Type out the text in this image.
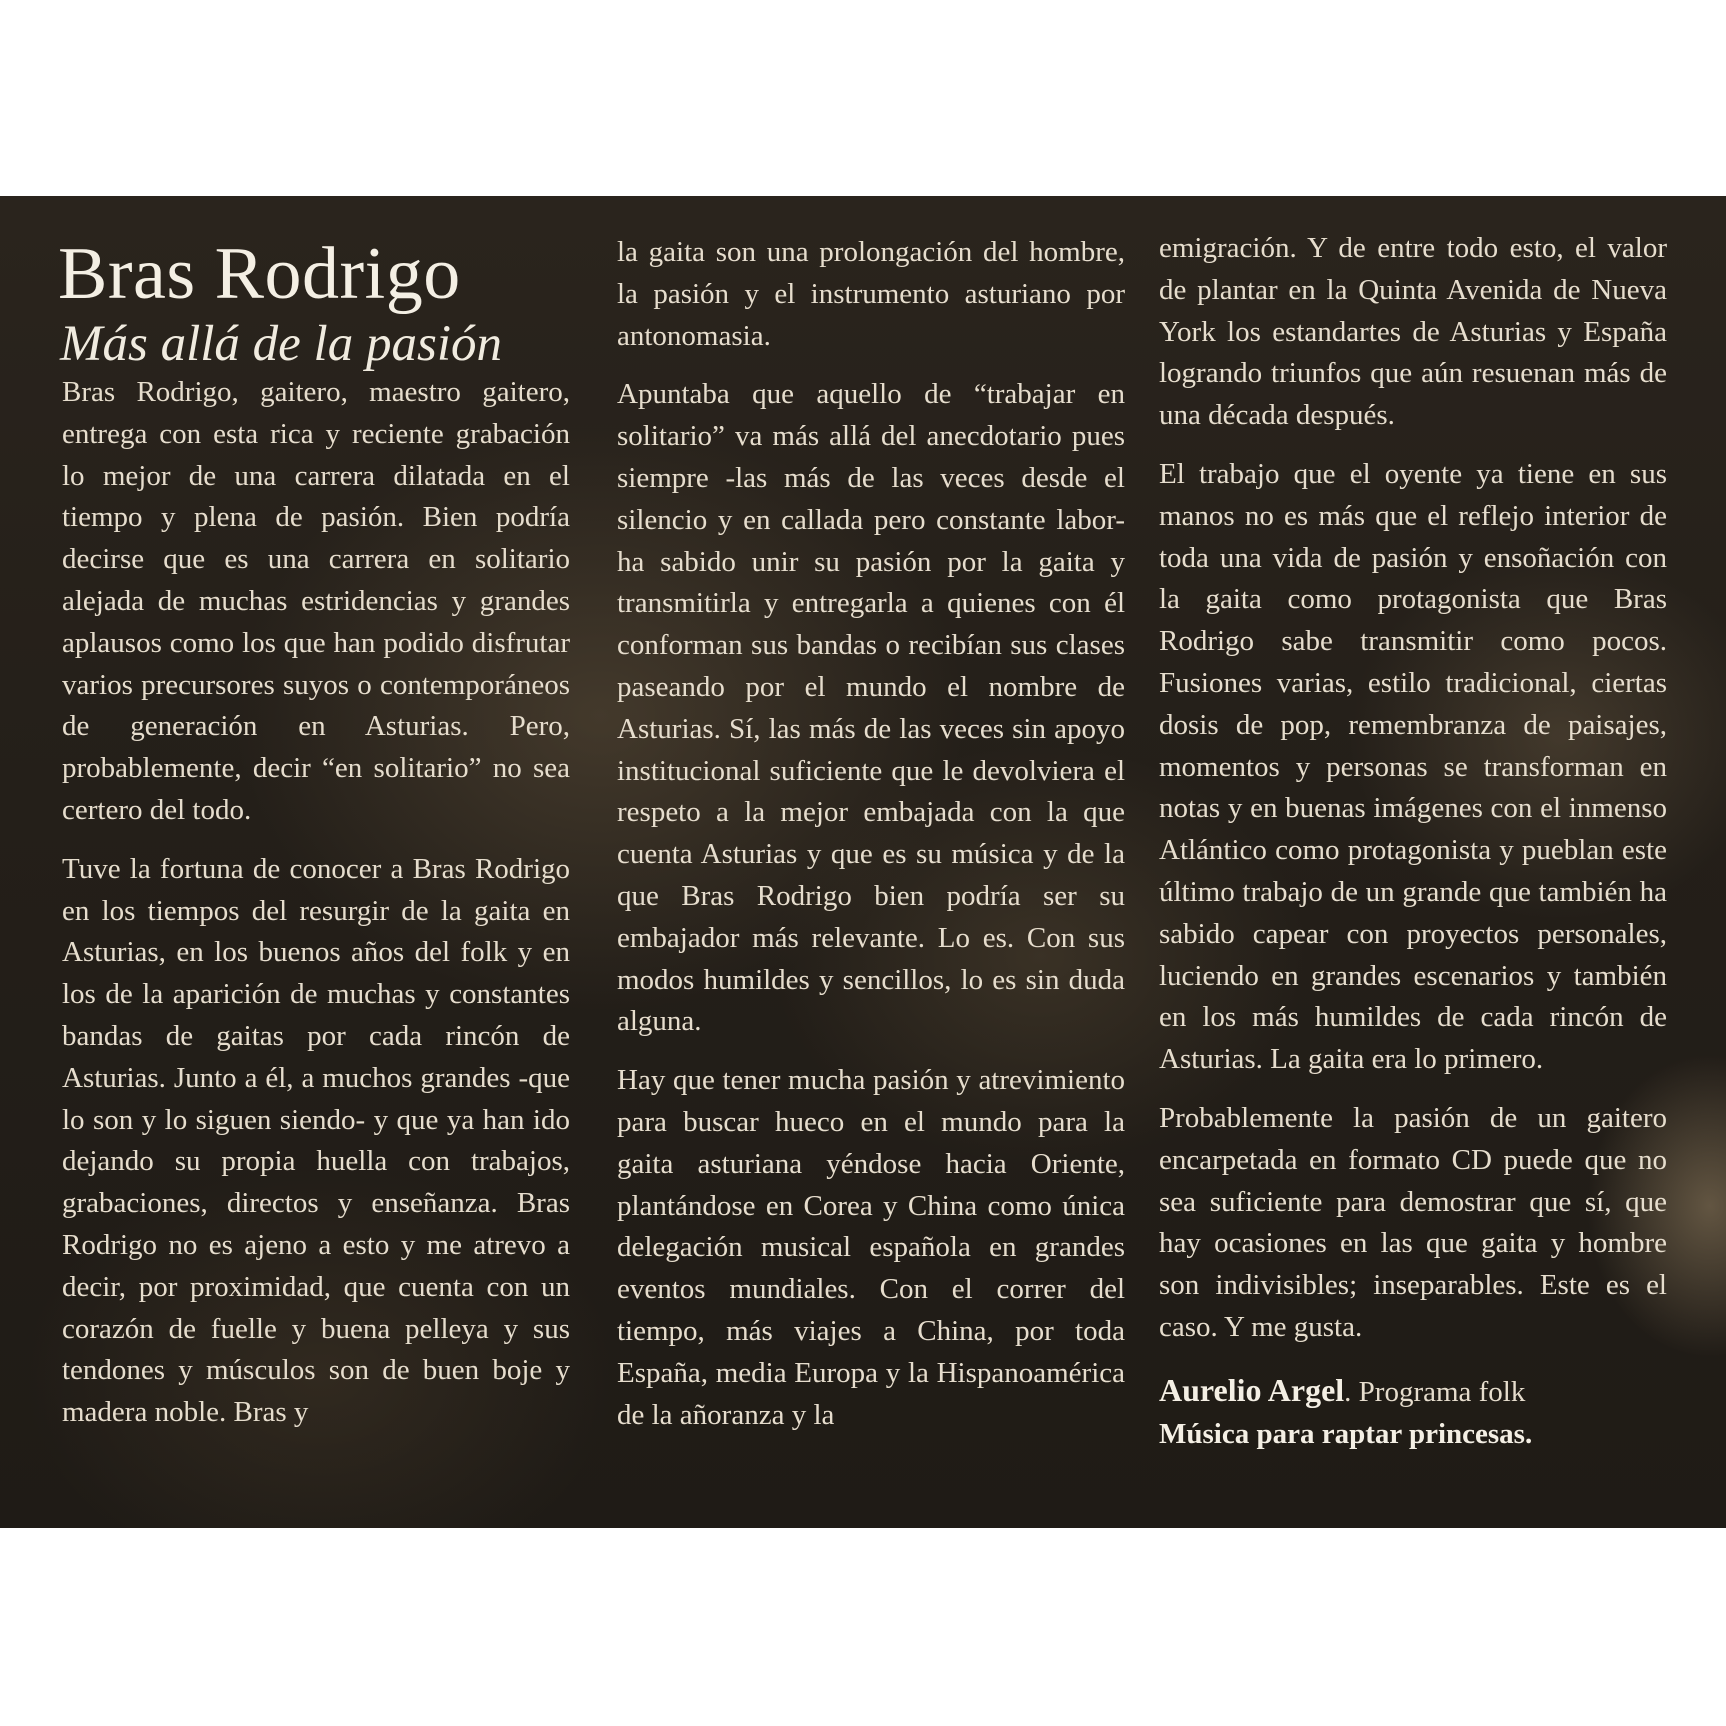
Bras Rodrigo
Más allá de la pasión

Bras Rodrigo, gaitero, maestro gaitero, entrega con esta rica y reciente grabación lo mejor de una carrera dilatada en el tiempo y plena de pasión. Bien podría decirse que es una carrera en solitario alejada de muchas estridencias y grandes aplausos como los que han podido disfrutar varios precursores suyos o contemporáneos de generación en Asturias. Pero, probablemente, decir “en solitario” no sea certero del todo.

Tuve la fortuna de conocer a Bras Rodrigo en los tiempos del resurgir de la gaita en Asturias, en los buenos años del folk y en los de la aparición de muchas y constantes bandas de gaitas por cada rincón de Asturias. Junto a él, a muchos grandes -que lo son y lo siguen siendo- y que ya han ido dejando su propia huella con trabajos, grabaciones, directos y enseñanza. Bras Rodrigo no es ajeno a esto y me atrevo a decir, por proximidad, que cuenta con un corazón de fuelle y buena pelleya y sus tendones y músculos son de buen boje y madera noble. Bras y

la gaita son una prolongación del hombre, la pasión y el instrumento asturiano por antonomasia.

Apuntaba que aquello de “trabajar en solitario” va más allá del anecdotario pues siempre -las más de las veces desde el silencio y en callada pero constante labor- ha sabido unir su pasión por la gaita y transmitirla y entregarla a quienes con él conforman sus bandas o recibían sus clases paseando por el mundo el nombre de Asturias. Sí, las más de las veces sin apoyo institucional suficiente que le devolviera el respeto a la mejor embajada con la que cuenta Asturias y que es su música y de la que Bras Rodrigo bien podría ser su embajador más relevante. Lo es. Con sus modos humildes y sencillos, lo es sin duda alguna.

Hay que tener mucha pasión y atrevimiento para buscar hueco en el mundo para la gaita asturiana yéndose hacia Oriente, plantándose en Corea y China como única delegación musical española en grandes eventos mundiales. Con el correr del tiempo, más viajes a China, por toda España, media Europa y la Hispanoamérica de la añoranza y la

emigración. Y de entre todo esto, el valor de plantar en la Quinta Avenida de Nueva York los estandartes de Asturias y España logrando triunfos que aún resuenan más de una década después.

El trabajo que el oyente ya tiene en sus manos no es más que el reflejo interior de toda una vida de pasión y ensoñación con la gaita como protagonista que Bras Rodrigo sabe transmitir como pocos. Fusiones varias, estilo tradicional, ciertas dosis de pop, remembranza de paisajes, momentos y personas se transforman en notas y en buenas imágenes con el inmenso Atlántico como protagonista y pueblan este último trabajo de un grande que también ha sabido capear con proyectos personales, luciendo en grandes escenarios y también en los más humildes de cada rincón de Asturias. La gaita era lo primero.

Probablemente la pasión de un gaitero encarpetada en formato CD puede que no sea suficiente para demostrar que sí, que hay ocasiones en las que gaita y hombre son indivisibles; inseparables. Este es el caso. Y me gusta.

Aurelio Argel. Programa folk
Música para raptar princesas.
